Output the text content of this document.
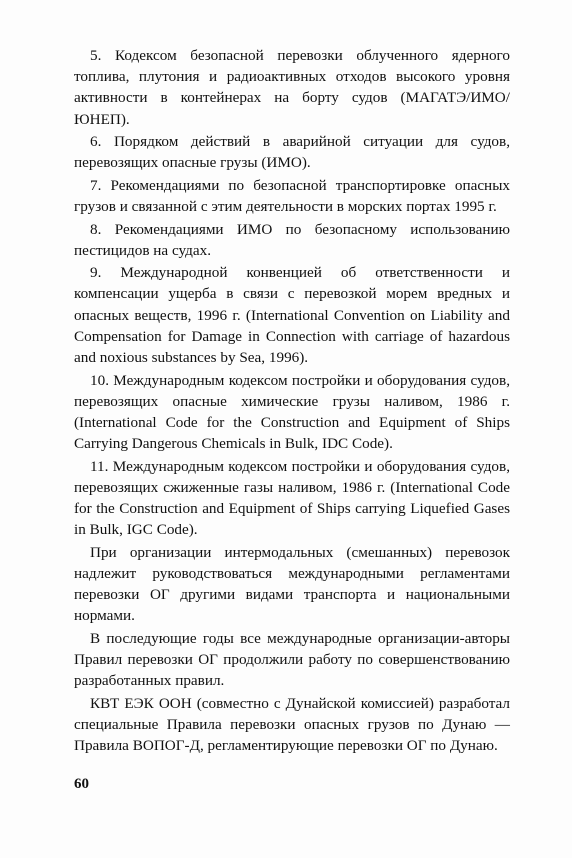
5. Кодексом безопасной перевозки облученного ядерного топлива, плутония и радиоактивных отходов высокого уровня активности в контейнерах на борту судов (МАГАТЭ/ИМО/ЮНЕП).

6. Порядком действий в аварийной ситуации для судов, перевозящих опасные грузы (ИМО).

7. Рекомендациями по безопасной транспортировке опасных грузов и связанной с этим деятельности в морских портах 1995 г.

8. Рекомендациями ИМО по безопасному использованию пестицидов на судах.

9. Международной конвенцией об ответственности и компенсации ущерба в связи с перевозкой морем вредных и опасных веществ, 1996 г. (International Convention on Liability and Compensation for Damage in Connection with carriage of hazardous and noxious substances by Sea, 1996).

10. Международным кодексом постройки и оборудования судов, перевозящих опасные химические грузы наливом, 1986 г. (International Code for the Construction and Equipment of Ships Carrying Dangerous Chemicals in Bulk, IDC Code).

11. Международным кодексом постройки и оборудования судов, перевозящих сжиженные газы наливом, 1986 г. (International Code for the Construction and Equipment of Ships carrying Liquefied Gases in Bulk, IGC Code).

При организации интермодальных (смешанных) перевозок надлежит руководствоваться международными регламентами перевозки ОГ другими видами транспорта и национальными нормами.

В последующие годы все международные организации-авторы Правил перевозки ОГ продолжили работу по совершенствованию разработанных правил.

КВТ ЕЭК ООН (совместно с Дунайской комиссией) разработал специальные Правила перевозки опасных грузов по Дунаю — Правила ВОПОГ-Д, регламентирующие перевозки ОГ по Дунаю.

60
